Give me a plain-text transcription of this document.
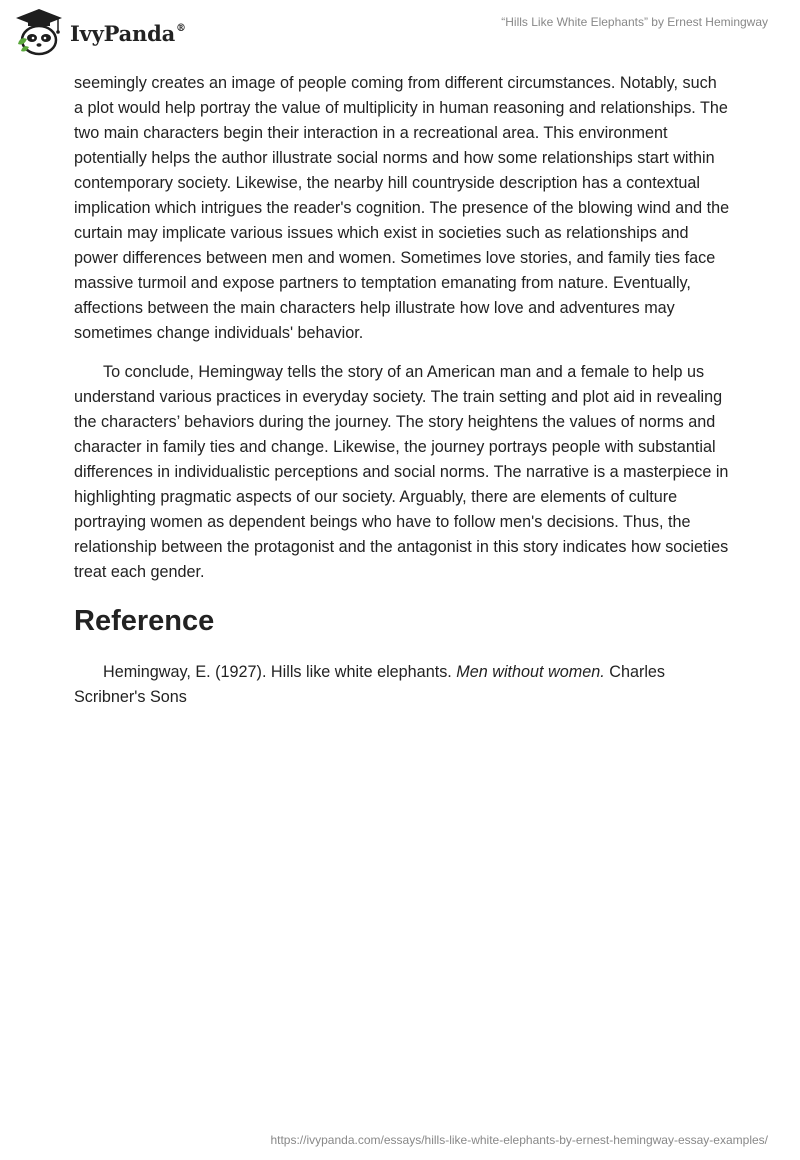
IvyPanda®	“Hills Like White Elephants” by Ernest Hemingway

seemingly creates an image of people coming from different circumstances. Notably, such a plot would help portray the value of multiplicity in human reasoning and relationships. The two main characters begin their interaction in a recreational area. This environment potentially helps the author illustrate social norms and how some relationships start within contemporary society. Likewise, the nearby hill countryside description has a contextual implication which intrigues the reader's cognition. The presence of the blowing wind and the curtain may implicate various issues which exist in societies such as relationships and power differences between men and women. Sometimes love stories, and family ties face massive turmoil and expose partners to temptation emanating from nature. Eventually, affections between the main characters help illustrate how love and adventures may sometimes change individuals' behavior.

To conclude, Hemingway tells the story of an American man and a female to help us understand various practices in everyday society. The train setting and plot aid in revealing the characters’ behaviors during the journey. The story heightens the values of norms and character in family ties and change. Likewise, the journey portrays people with substantial differences in individualistic perceptions and social norms. The narrative is a masterpiece in highlighting pragmatic aspects of our society. Arguably, there are elements of culture portraying women as dependent beings who have to follow men's decisions. Thus, the relationship between the protagonist and the antagonist in this story indicates how societies treat each gender.

Reference

Hemingway, E. (1927). Hills like white elephants. Men without women. Charles Scribner's Sons

https://ivypanda.com/essays/hills-like-white-elephants-by-ernest-hemingway-essay-examples/
